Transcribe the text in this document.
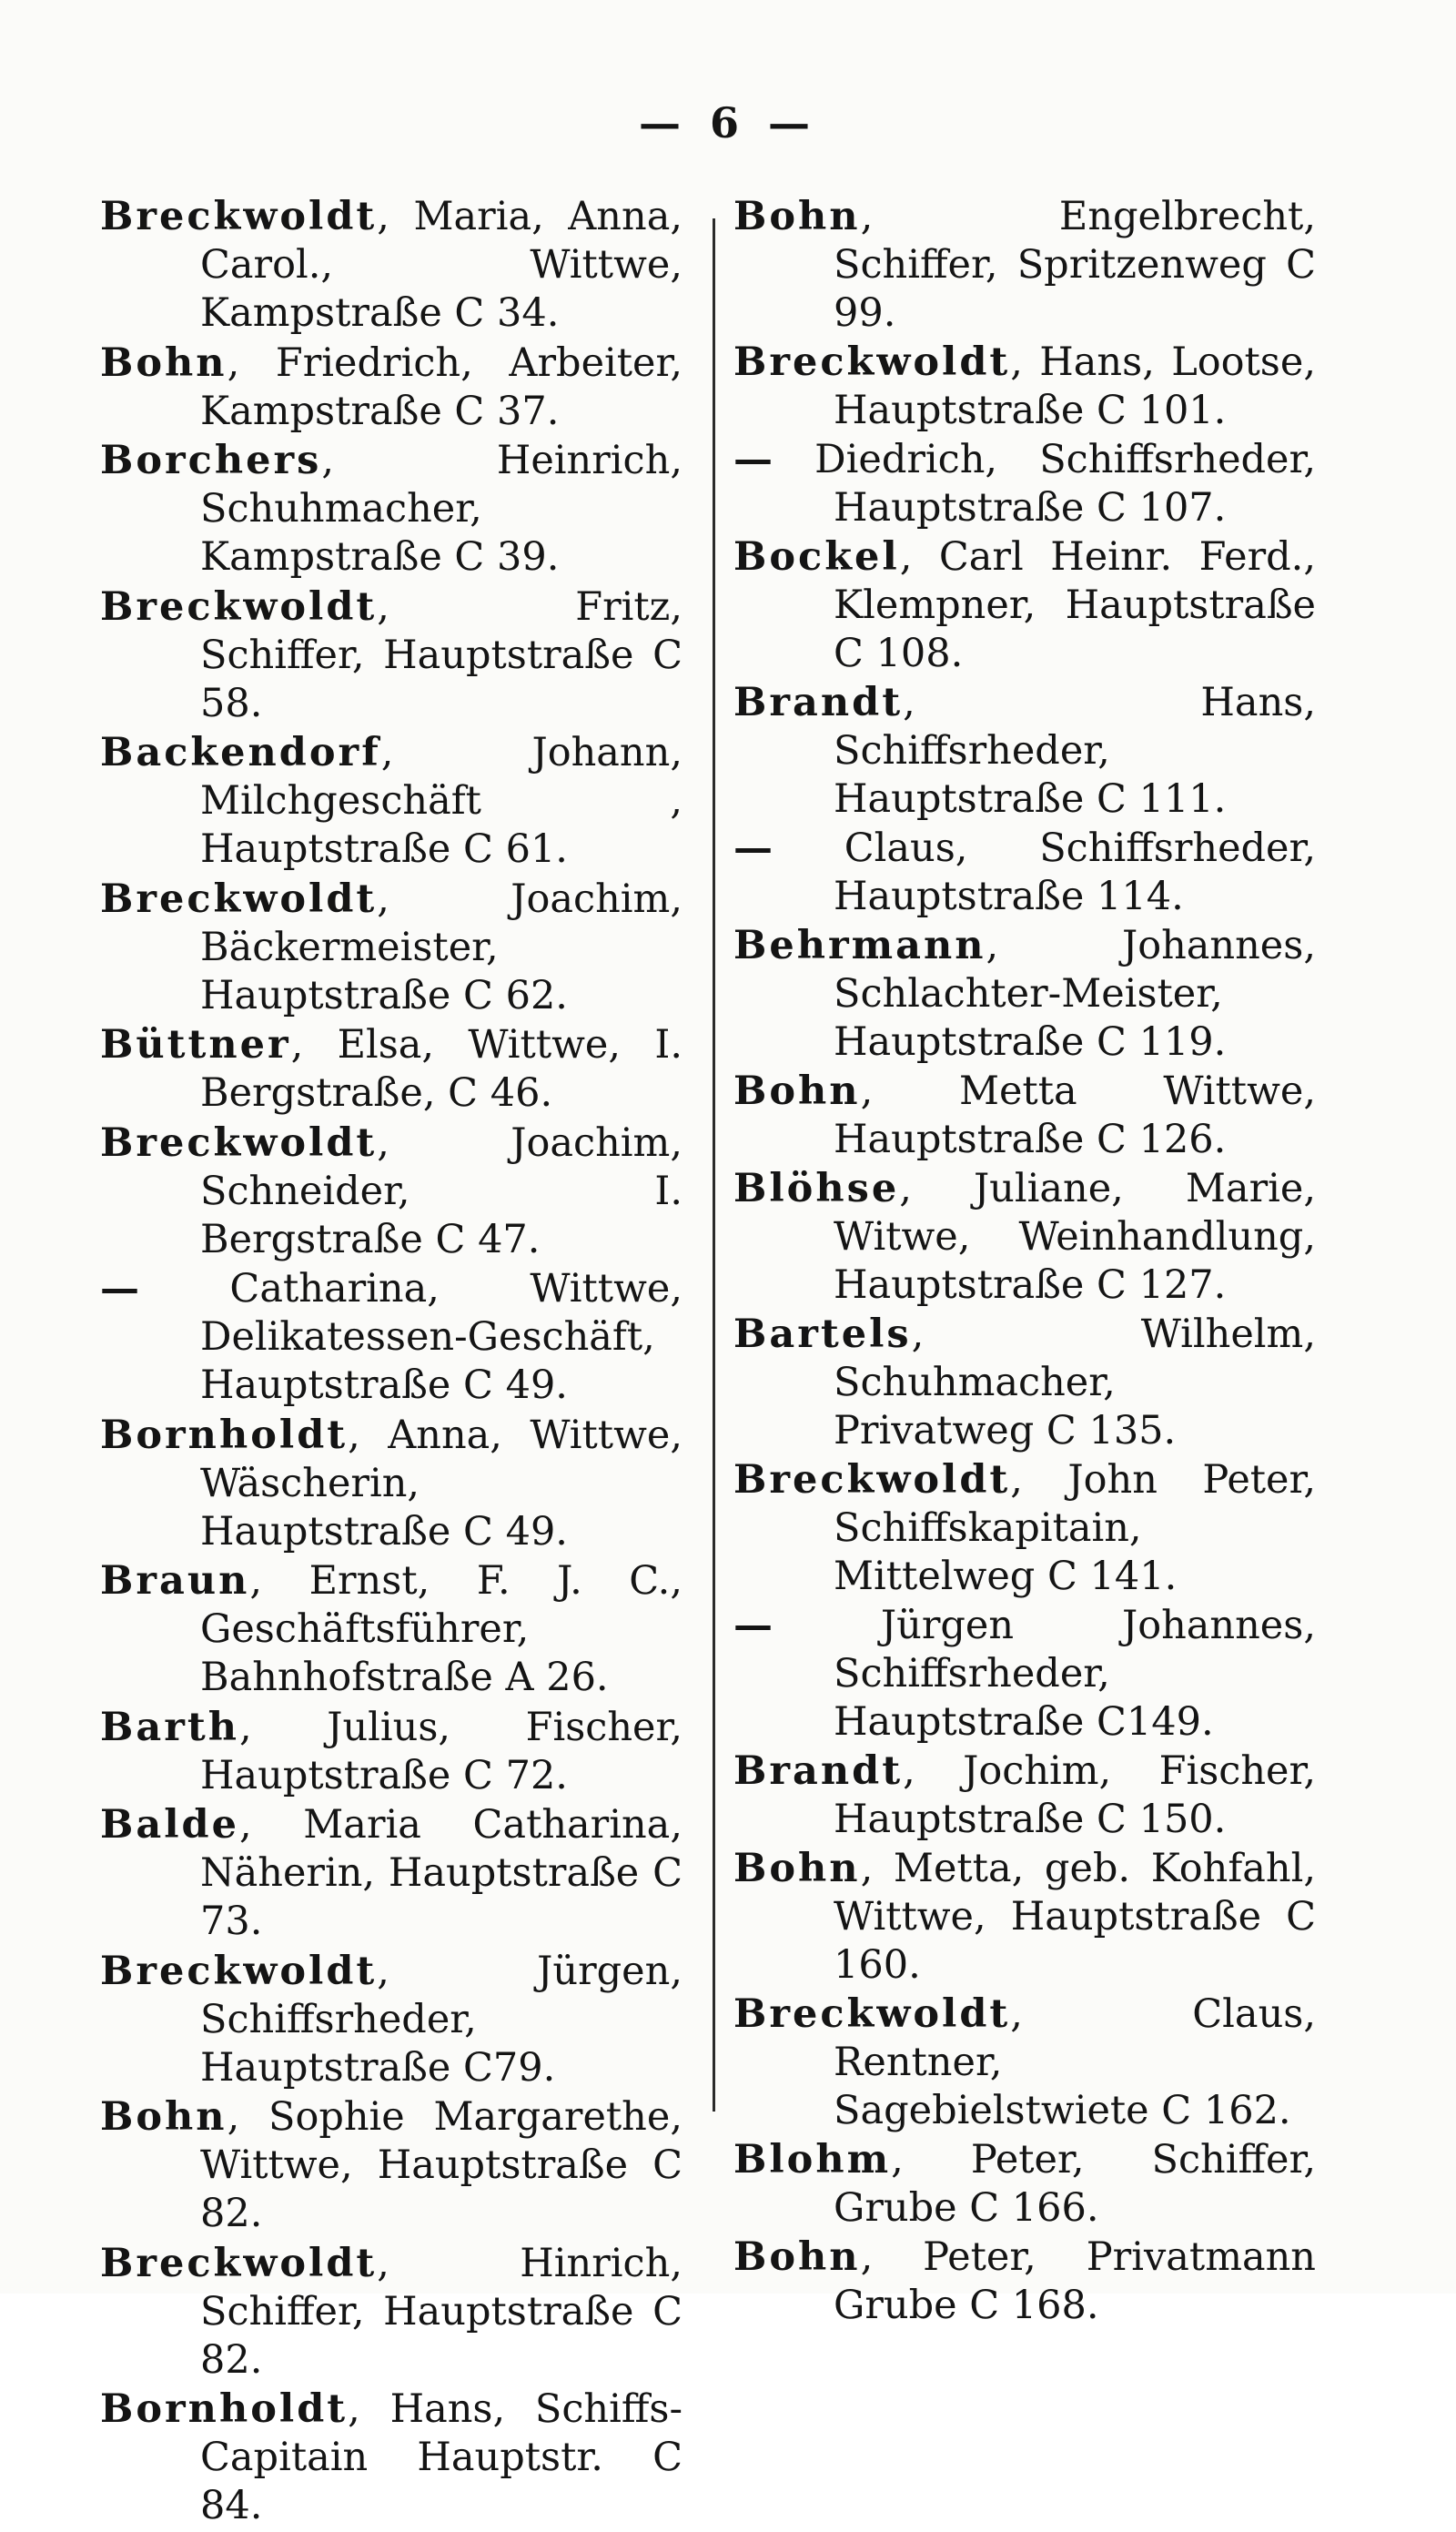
— 6 —

Breckwoldt, Maria, Anna, Carol., Wittwe, Kampstraße C 34.

Bohn, Friedrich, Arbeiter, Kampstraße C 37.

Borchers, Heinrich, Schuhmacher, Kampstraße C 39.

Breckwoldt, Fritz, Schiffer, Hauptstraße C 58.

Backendorf, Johann, Milchgeschäft , Hauptstraße C 61.

Breckwoldt, Joachim, Bäckermeister, Hauptstraße C 62.

Büttner, Elsa, Wittwe, I. Bergstraße, C 46.

Breckwoldt, Joachim, Schneider, I. Bergstraße C 47.

— Catharina, Wittwe, Delikatessen-Geschäft, Hauptstraße C 49.

Bornholdt, Anna, Wittwe, Wäscherin, Hauptstraße C 49.

Braun, Ernst, F. J. C., Geschäftsführer, Bahnhofstraße A 26.

Barth, Julius, Fischer, Hauptstraße C 72.

Balde, Maria Catharina, Näherin, Hauptstraße C 73.

Breckwoldt, Jürgen, Schiffsrheder, Hauptstraße C79.

Bohn, Sophie Margarethe, Wittwe, Hauptstraße C 82.

Breckwoldt, Hinrich, Schiffer, Hauptstraße C 82.

Bornholdt, Hans, Schiffs-Capitain Hauptstr. C 84.

Bohn, Engelbrecht, Schiffer, Spritzenweg C 99.

Breckwoldt, Hans, Lootse, Hauptstraße C 101.

— Diedrich, Schiffsrheder, Hauptstraße C 107.

Bockel, Carl Heinr. Ferd., Klempner, Hauptstraße C 108.

Brandt, Hans, Schiffsrheder, Hauptstraße C 111.

— Claus, Schiffsrheder, Hauptstraße 114.

Behrmann, Johannes, Schlachter-Meister, Hauptstraße C 119.

Bohn, Metta Wittwe, Hauptstraße C 126.

Blöhse, Juliane, Marie, Witwe, Weinhandlung, Hauptstraße C 127.

Bartels, Wilhelm, Schuhmacher, Privatweg C 135.

Breckwoldt, John Peter, Schiffskapitain, Mittelweg C 141.

— Jürgen Johannes, Schiffsrheder, Hauptstraße C149.

Brandt, Jochim, Fischer, Hauptstraße C 150.

Bohn, Metta, geb. Kohfahl, Wittwe, Hauptstraße C 160.

Breckwoldt, Claus, Rentner, Sagebielstwiete C 162.

Blohm, Peter, Schiffer, Grube C 166.

Bohn, Peter, Privatmann Grube C 168.
